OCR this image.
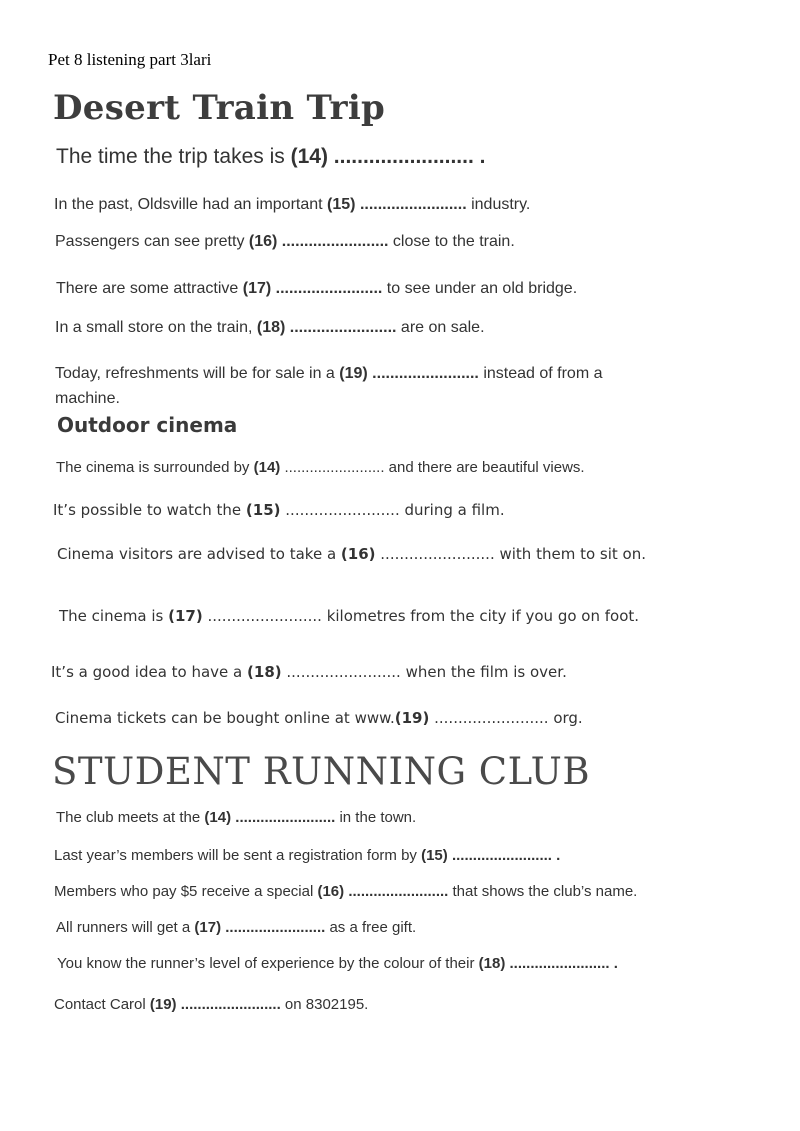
Pet 8 listening part 3lari
Desert Train Trip
The time the trip takes is (14) ........................ .
In the past, Oldsville had an important (15) ........................ industry.
Passengers can see pretty (16) ........................ close to the train.
There are some attractive (17) ........................ to see under an old bridge.
In a small store on the train, (18) ........................ are on sale.
Today, refreshments will be for sale in a (19) ........................ instead of from a machine.
Outdoor cinema
The cinema is surrounded by (14) ........................ and there are beautiful views.
It’s possible to watch the (15) ........................ during a film.
Cinema visitors are advised to take a (16) ........................ with them to sit on.
The cinema is (17) ........................ kilometres from the city if you go on foot.
It’s a good idea to have a (18) ........................ when the film is over.
Cinema tickets can be bought online at www.(19) ........................ org.
STUDENT RUNNING CLUB
The club meets at the (14) ........................ in the town.
Last year’s members will be sent a registration form by (15) ........................ .
Members who pay $5 receive a special (16) ........................ that shows the club’s name.
All runners will get a (17) ........................ as a free gift.
You know the runner’s level of experience by the colour of their (18) ........................ .
Contact Carol (19) ........................ on 8302195.
